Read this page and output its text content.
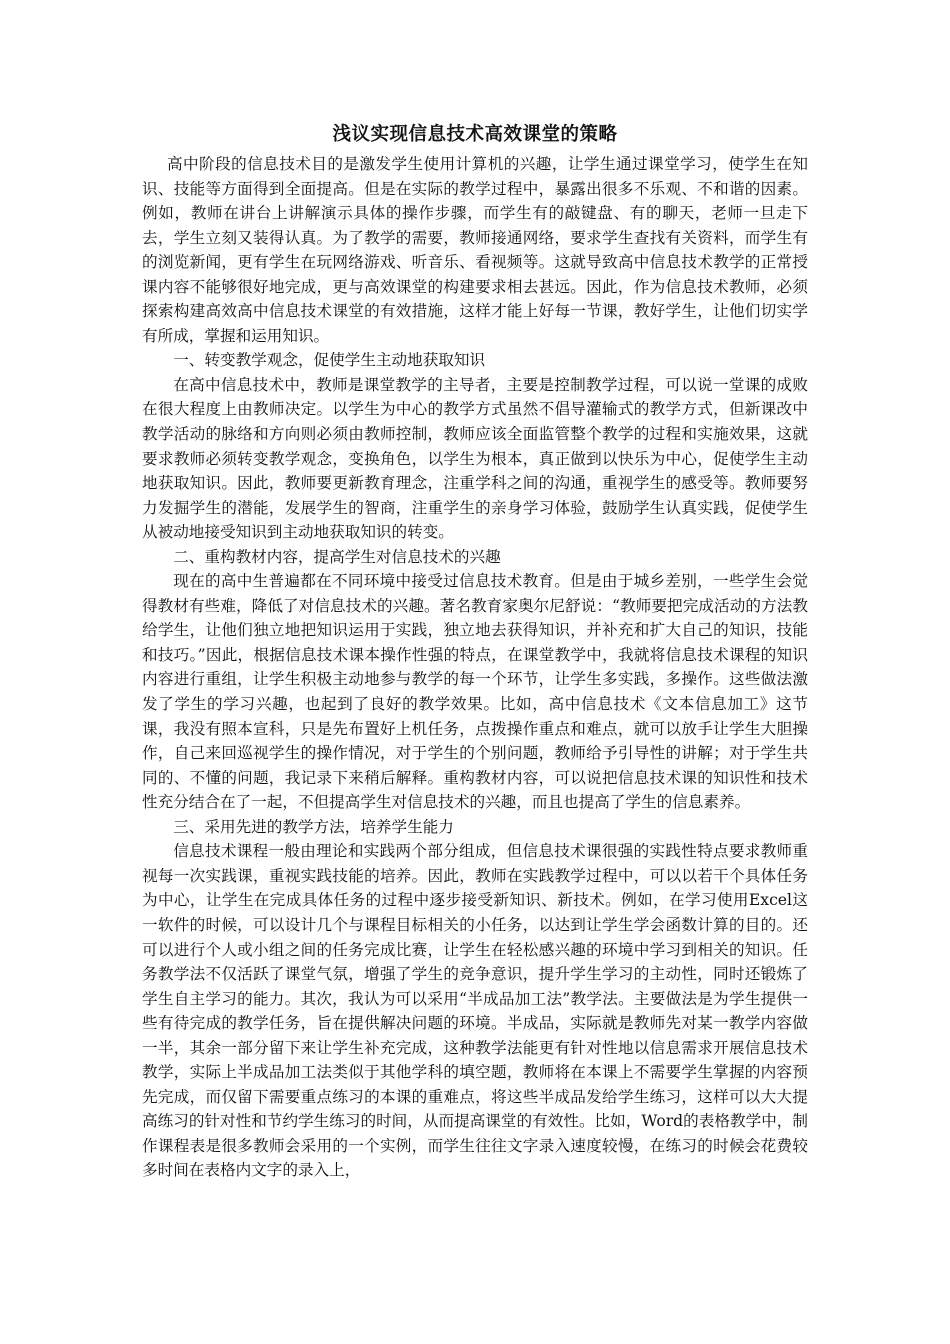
浅议实现信息技术高效课堂的策略

高中阶段的信息技术目的是激发学生使用计算机的兴趣，让学生通过课堂学习，使学生在知识、技能等方面得到全面提高。但是在实际的教学过程中，暴露出很多不乐观、不和谐的因素。例如，教师在讲台上讲解演示具体的操作步骤，而学生有的敲键盘、有的聊天，老师一旦走下去，学生立刻又装得认真。为了教学的需要，教师接通网络，要求学生查找有关资料，而学生有的浏览新闻，更有学生在玩网络游戏、听音乐、看视频等。这就导致高中信息技术教学的正常授课内容不能够很好地完成，更与高效课堂的构建要求相去甚远。因此，作为信息技术教师，必须探索构建高效高中信息技术课堂的有效措施，这样才能上好每一节课，教好学生，让他们切实学有所成，掌握和运用知识。

一、转变教学观念，促使学生主动地获取知识

在高中信息技术中，教师是课堂教学的主导者，主要是控制教学过程，可以说一堂课的成败在很大程度上由教师决定。以学生为中心的教学方式虽然不倡导灌输式的教学方式，但新课改中教学活动的脉络和方向则必须由教师控制，教师应该全面监管整个教学的过程和实施效果，这就要求教师必须转变教学观念，变换角色，以学生为根本，真正做到以快乐为中心，促使学生主动地获取知识。因此，教师要更新教育理念，注重学科之间的沟通，重视学生的感受等。教师要努力发掘学生的潜能，发展学生的智商，注重学生的亲身学习体验，鼓励学生认真实践，促使学生从被动地接受知识到主动地获取知识的转变。

二、重构教材内容，提高学生对信息技术的兴趣

现在的高中生普遍都在不同环境中接受过信息技术教育。但是由于城乡差别，一些学生会觉得教材有些难，降低了对信息技术的兴趣。著名教育家奥尔尼舒说：“教师要把完成活动的方法教给学生，让他们独立地把知识运用于实践，独立地去获得知识，并补充和扩大自己的知识，技能和技巧。”因此，根据信息技术课本操作性强的特点，在课堂教学中，我就将信息技术课程的知识内容进行重组，让学生积极主动地参与教学的每一个环节，让学生多实践，多操作。这些做法激发了学生的学习兴趣，也起到了良好的教学效果。比如，高中信息技术《文本信息加工》这节课，我没有照本宣科，只是先布置好上机任务，点拨操作重点和难点，就可以放手让学生大胆操作，自己来回巡视学生的操作情况，对于学生的个别问题，教师给予引导性的讲解；对于学生共同的、不懂的问题，我记录下来稍后解释。重构教材内容，可以说把信息技术课的知识性和技术性充分结合在了一起，不但提高学生对信息技术的兴趣，而且也提高了学生的信息素养。

三、采用先进的教学方法，培养学生能力

信息技术课程一般由理论和实践两个部分组成，但信息技术课很强的实践性特点要求教师重视每一次实践课，重视实践技能的培养。因此，教师在实践教学过程中，可以以若干个具体任务为中心，让学生在完成具体任务的过程中逐步接受新知识、新技术。例如，在学习使用Excel这一软件的时候，可以设计几个与课程目标相关的小任务，以达到让学生学会函数计算的目的。还可以进行个人或小组之间的任务完成比赛，让学生在轻松感兴趣的环境中学习到相关的知识。任务教学法不仅活跃了课堂气氛，增强了学生的竞争意识，提升学生学习的主动性，同时还锻炼了学生自主学习的能力。其次，我认为可以采用“半成品加工法”教学法。主要做法是为学生提供一些有待完成的教学任务，旨在提供解决问题的环境。半成品，实际就是教师先对某一教学内容做一半，其余一部分留下来让学生补充完成，这种教学法能更有针对性地以信息需求开展信息技术教学，实际上半成品加工法类似于其他学科的填空题，教师将在本课上不需要学生掌握的内容预先完成，而仅留下需要重点练习的本课的重难点，将这些半成品发给学生练习，这样可以大大提高练习的针对性和节约学生练习的时间，从而提高课堂的有效性。比如，Word的表格教学中，制作课程表是很多教师会采用的一个实例，而学生往往文字录入速度较慢，在练习的时候会花费较多时间在表格内文字的录入上，
